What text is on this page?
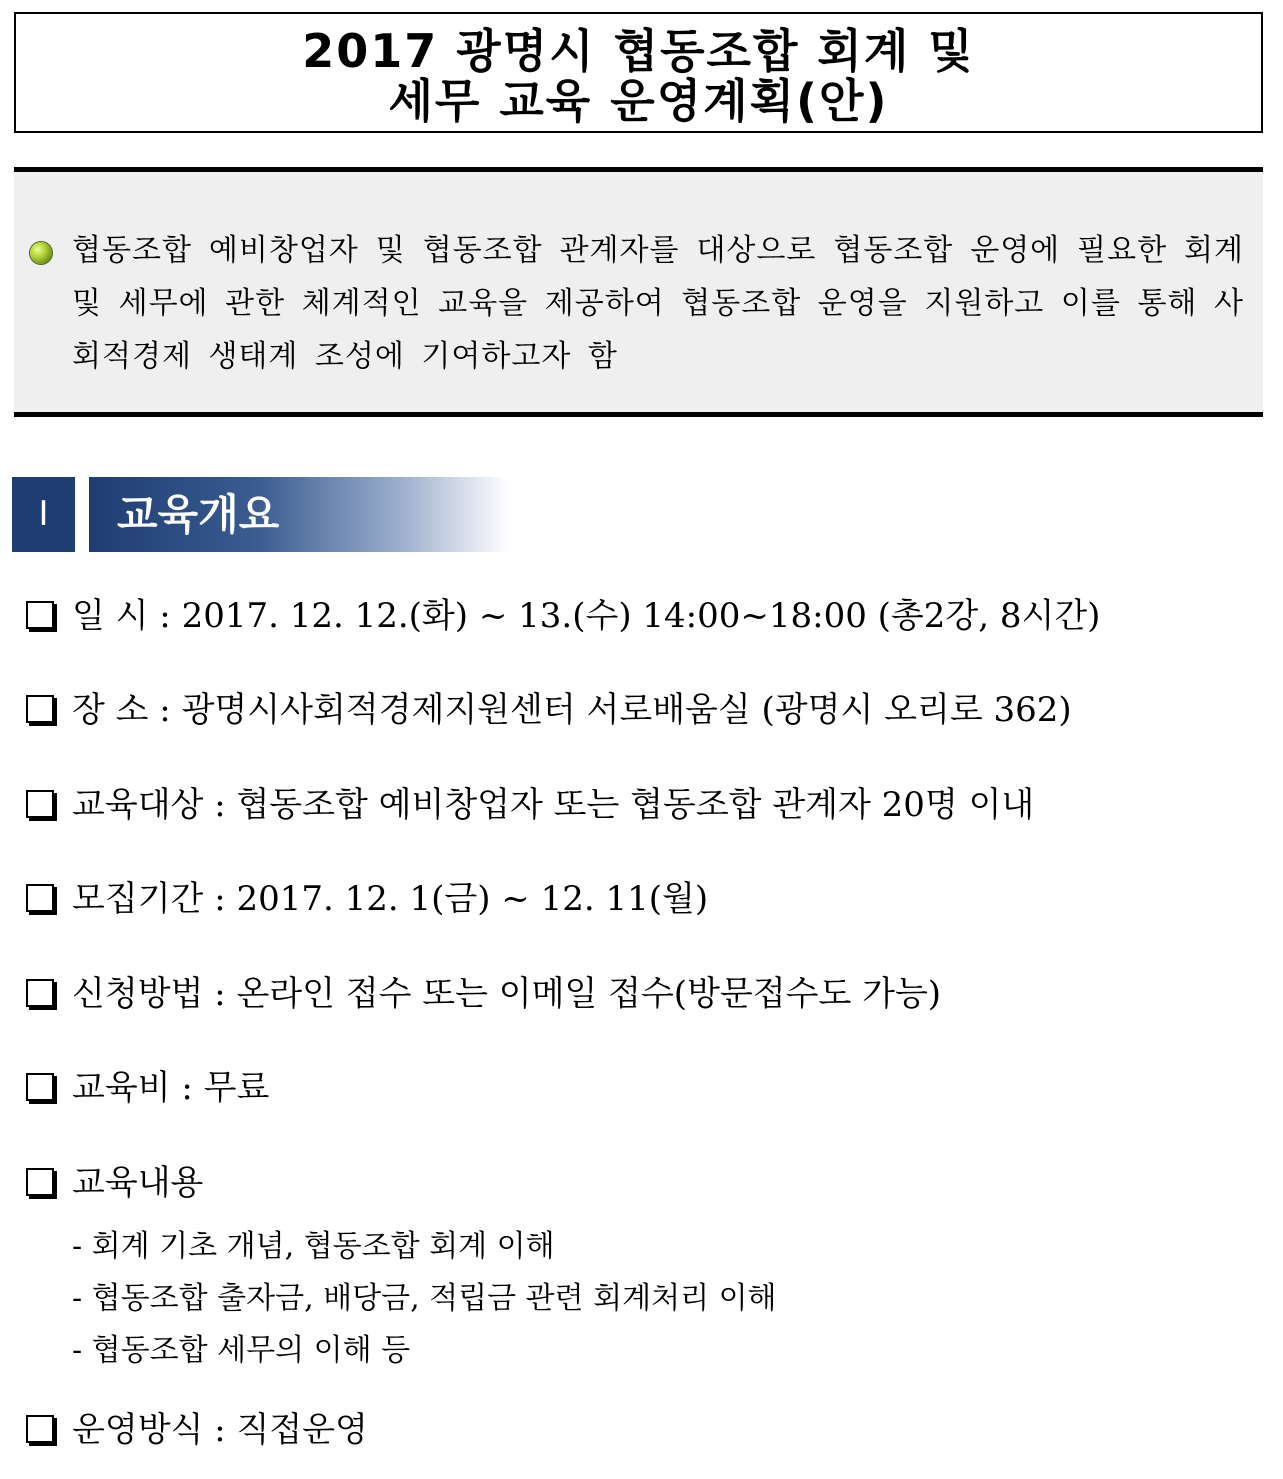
2017 광명시 협동조합 회계 및
세무 교육 운영계획(안)
협동조합 예비창업자 및 협동조합 관계자를 대상으로 협동조합 운영에 필요한 회계 및 세무에 관한 체계적인 교육을 제공하여 협동조합 운영을 지원하고 이를 통해 사회적경제 생태계 조성에 기여하고자 함
Ⅰ	교육개요
일 시 : 2017. 12. 12.(화) ~ 13.(수) 14:00~18:00 (총2강, 8시간)
장 소 : 광명시사회적경제지원센터 서로배움실 (광명시 오리로 362)
교육대상 : 협동조합 예비창업자 또는 협동조합 관계자 20명 이내
모집기간 : 2017. 12. 1(금) ~ 12. 11(월)
신청방법 : 온라인 접수 또는 이메일 접수(방문접수도 가능)
교육비 : 무료
교육내용
- 회계 기초 개념, 협동조합 회계 이해
- 협동조합 출자금, 배당금, 적립금 관련 회계처리 이해
- 협동조합 세무의 이해 등
운영방식 : 직접운영
